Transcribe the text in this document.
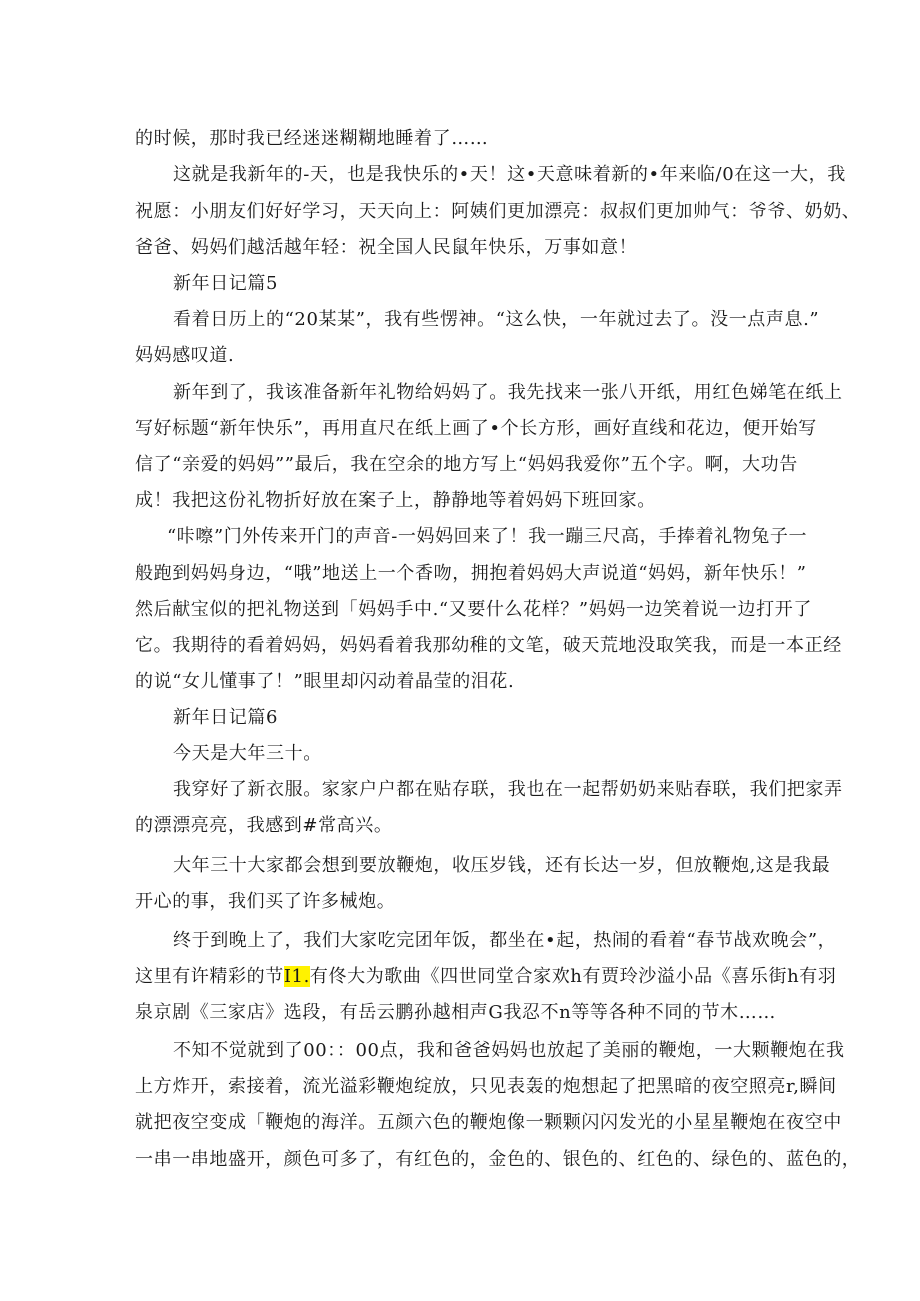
的时候，那时我已经迷迷糊糊地睡着了……
这就是我新年的-天，也是我快乐的•天！这•天意味着新的•年来临/0在这一大，我
祝愿：小朋友们好好学习，天天向上：阿姨们更加漂亮：叔叔们更加帅气：爷爷、奶奶、
爸爸、妈妈们越活越年轻：祝全国人民鼠年快乐，万事如意！
新年日记篇5
看着日历上的“20某某”，我有些愣神。“这么快，一年就过去了。没一点声息.”
妈妈感叹道.
新年到了，我该准备新年礼物给妈妈了。我先找来一张八开纸，用红色娣笔在纸上
写好标题“新年快乐”，再用直尺在纸上画了•个长方形，画好直线和花边，便开始写
信了“亲爱的妈妈””最后，我在空余的地方写上“妈妈我爱你”五个字。啊，大功告
成！我把这份礼物折好放在案子上，静静地等着妈妈下班回家。
“咔嚓”门外传来开门的声音-一妈妈回来了！我一蹦三尺高，手捧着礼物兔子一
般跑到妈妈身边，“哦”地送上一个香吻，拥抱着妈妈大声说道“妈妈，新年快乐！”
然后献宝似的把礼物送到「妈妈手中.“又要什么花样？”妈妈一边笑着说一边打开了
它。我期待的看着妈妈，妈妈看着我那幼稚的文笔，破天荒地没取笑我，而是一本正经
的说“女儿懂事了！”眼里却闪动着晶莹的泪花.
新年日记篇6
今天是大年三十。
我穿好了新衣服。家家户户都在贴存联，我也在一起帮奶奶来贴春联，我们把家弄
的漂漂亮亮，我感到#常高兴。
大年三十大家都会想到要放鞭炮，收压岁钱，还有长达一岁，但放鞭炮,这是我最
开心的事，我们买了许多械炮。
终于到晚上了，我们大家吃完团年饭，都坐在•起，热闹的看着“春节战欢晚会”，
这里有许精彩的节I1.有佟大为歌曲《四世同堂合家欢h有贾玲沙溢小品《喜乐街h有羽
泉京剧《三家店》选段，有岳云鹏孙越相声G我忍不n等等各种不同的节木……
不知不觉就到了00：：00点，我和爸爸妈妈也放起了美丽的鞭炮，一大颗鞭炮在我
上方炸开，索接着，流光溢彩鞭炮绽放，只见表轰的炮想起了把黑暗的夜空照亮r,瞬间
就把夜空变成「鞭炮的海洋。五颜六色的鞭炮像一颗颗闪闪发光的小星星鞭炮在夜空中
一串一串地盛开，颜色可多了，有红色的，金色的、银色的、红色的、绿色的、蓝色的，
